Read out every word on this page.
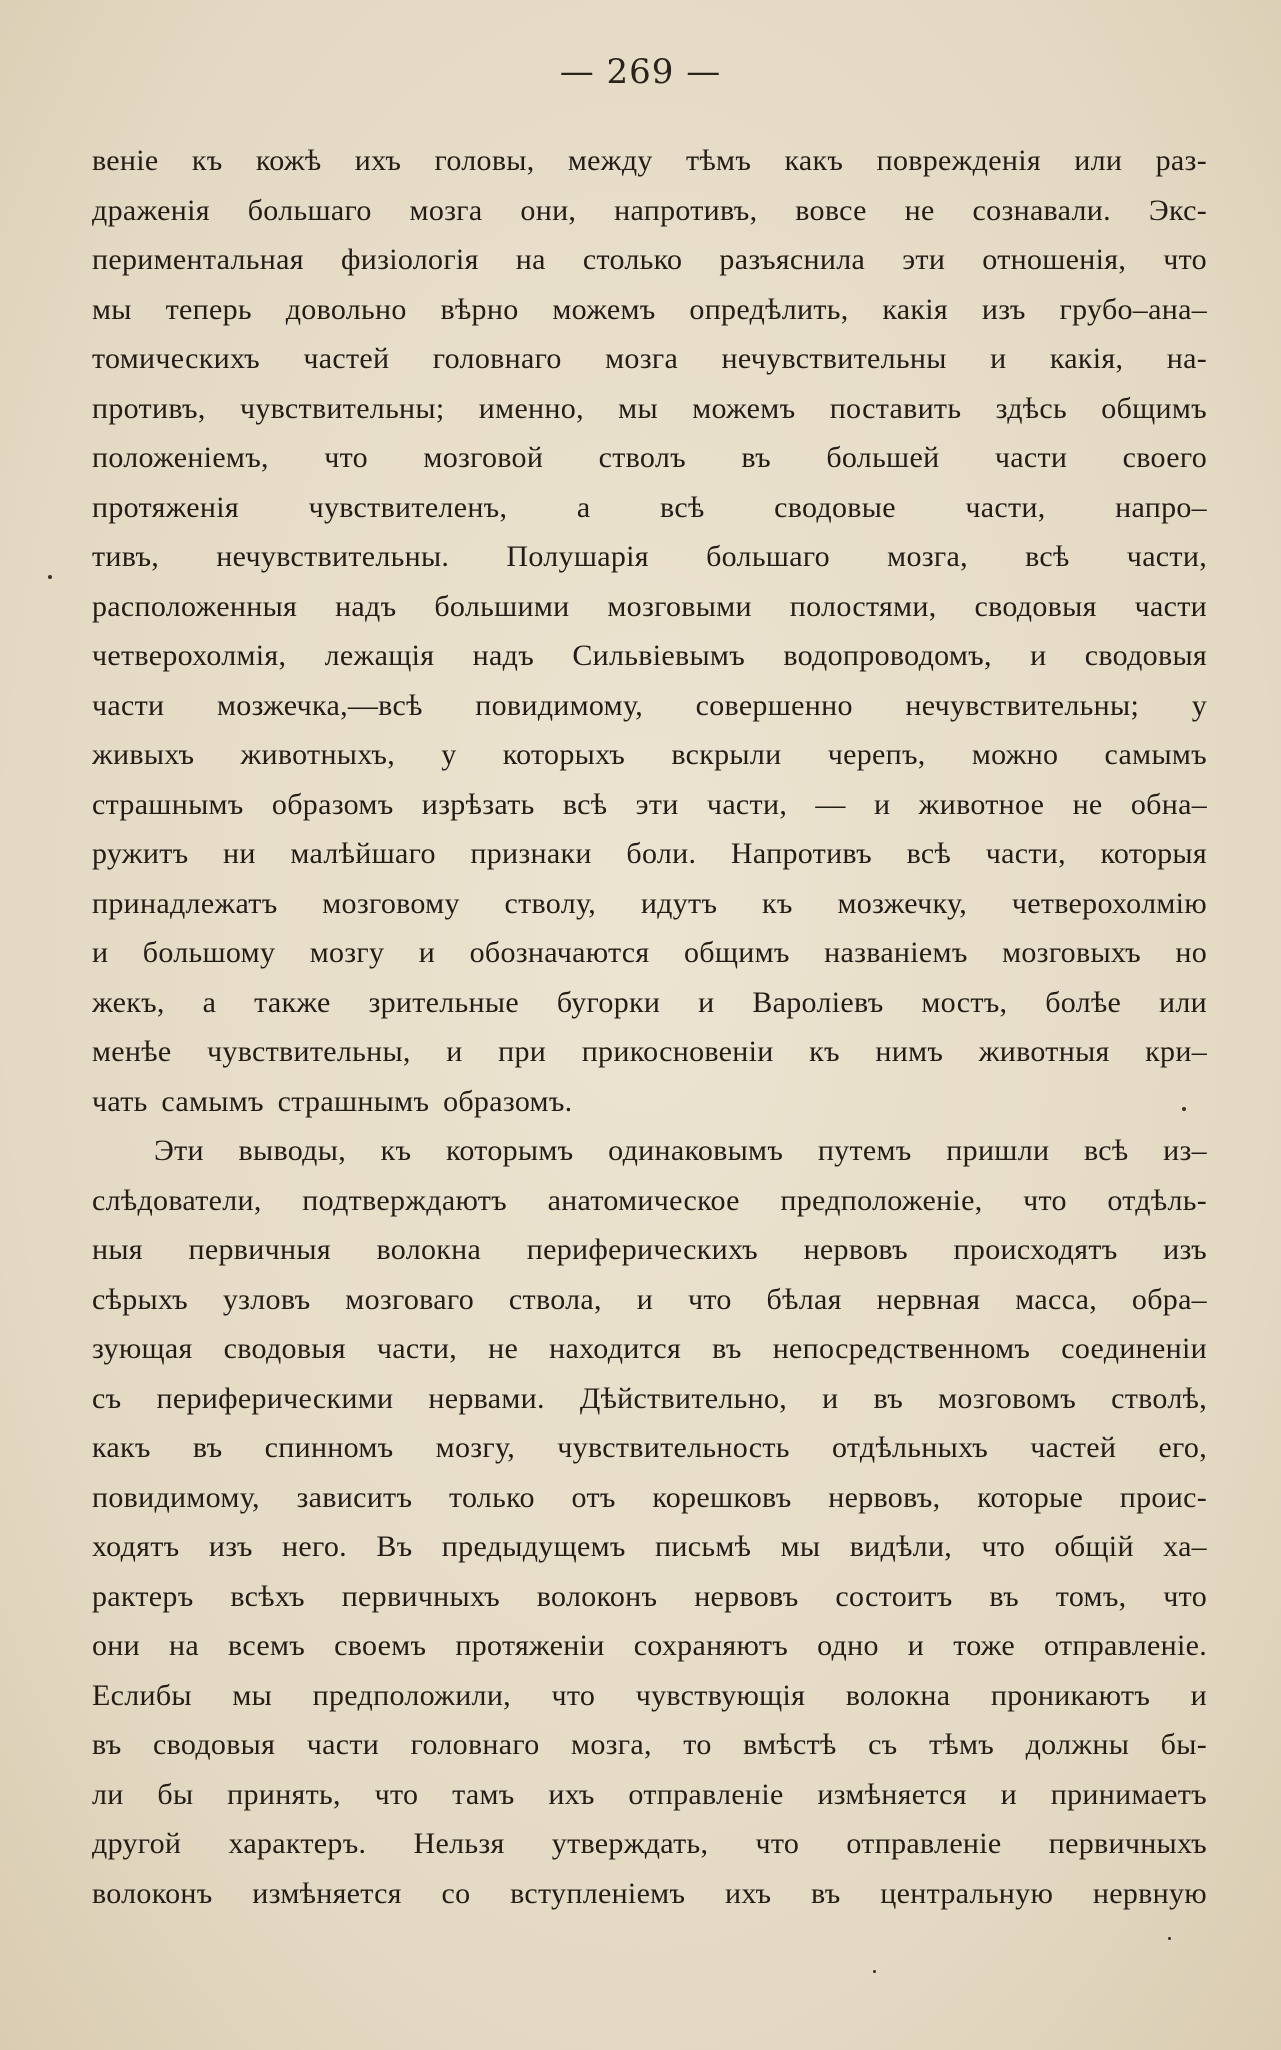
— 269 —
веніе къ кожѣ ихъ головы, между тѣмъ какъ поврежденія или раз-
драженія большаго мозга они, напротивъ, вовсе не сознавали. Экс-
периментальная физіологія на столько разъяснила эти отношенія, что
мы теперь довольно вѣрно можемъ опредѣлить, какія изъ грубо–ана–
томическихъ частей головнаго мозга нечувствительны и какія, на-
противъ, чувствительны; именно, мы можемъ поставить здѣсь общимъ
положеніемъ, что мозговой стволъ въ большей части своего
протяженія чувствителенъ, а всѣ сводовые части, напро–
тивъ, нечувствительны. Полушарія большаго мозга, всѣ части,
расположенныя надъ большими мозговыми полостями, сводовыя части
четверохолмія, лежащія надъ Сильвіевымъ водопроводомъ, и сводовыя
части мозжечка,—всѣ повидимому, совершенно нечувствительны; у
живыхъ животныхъ, у которыхъ вскрыли черепъ, можно самымъ
страшнымъ образомъ изрѣзать всѣ эти части, — и животное не обна–
ружитъ ни малѣйшаго признаки боли. Напротивъ всѣ части, которыя
принадлежатъ мозговому стволу, идутъ къ мозжечку, четверохолмію
и большому мозгу и обозначаются общимъ названіемъ мозговыхъ но
жекъ, а также зрительные бугорки и Вароліевъ мостъ, болѣе или
менѣе чувствительны, и при прикосновеніи къ нимъ животныя кри–
чать самымъ страшнымъ образомъ.
Эти выводы, къ которымъ одинаковымъ путемъ пришли всѣ из–
слѣдователи, подтверждаютъ анатомическое предположеніе, что отдѣль-
ныя первичныя волокна периферическихъ нервовъ происходятъ изъ
сѣрыхъ узловъ мозговаго ствола, и что бѣлая нервная масса, обра–
зующая сводовыя части, не находится въ непосредственномъ соединеніи
съ периферическими нервами. Дѣйствительно, и въ мозговомъ стволѣ,
какъ въ спинномъ мозгу, чувствительность отдѣльныхъ частей его,
повидимому, зависитъ только отъ корешковъ нервовъ, которые проис-
ходятъ изъ него. Въ предыдущемъ письмѣ мы видѣли, что общій ха–
рактеръ всѣхъ первичныхъ волоконъ нервовъ состоитъ въ томъ, что
они на всемъ своемъ протяженіи сохраняютъ одно и тоже отправленіе.
Еслибы мы предположили, что чувствующія волокна проникаютъ и
въ сводовыя части головнаго мозга, то вмѣстѣ съ тѣмъ должны бы-
ли бы принять, что тамъ ихъ отправленіе измѣняется и принимаетъ
другой характеръ. Нельзя утверждать, что отправленіе первичныхъ
волоконъ измѣняется со вступленіемъ ихъ въ центральную нервную
